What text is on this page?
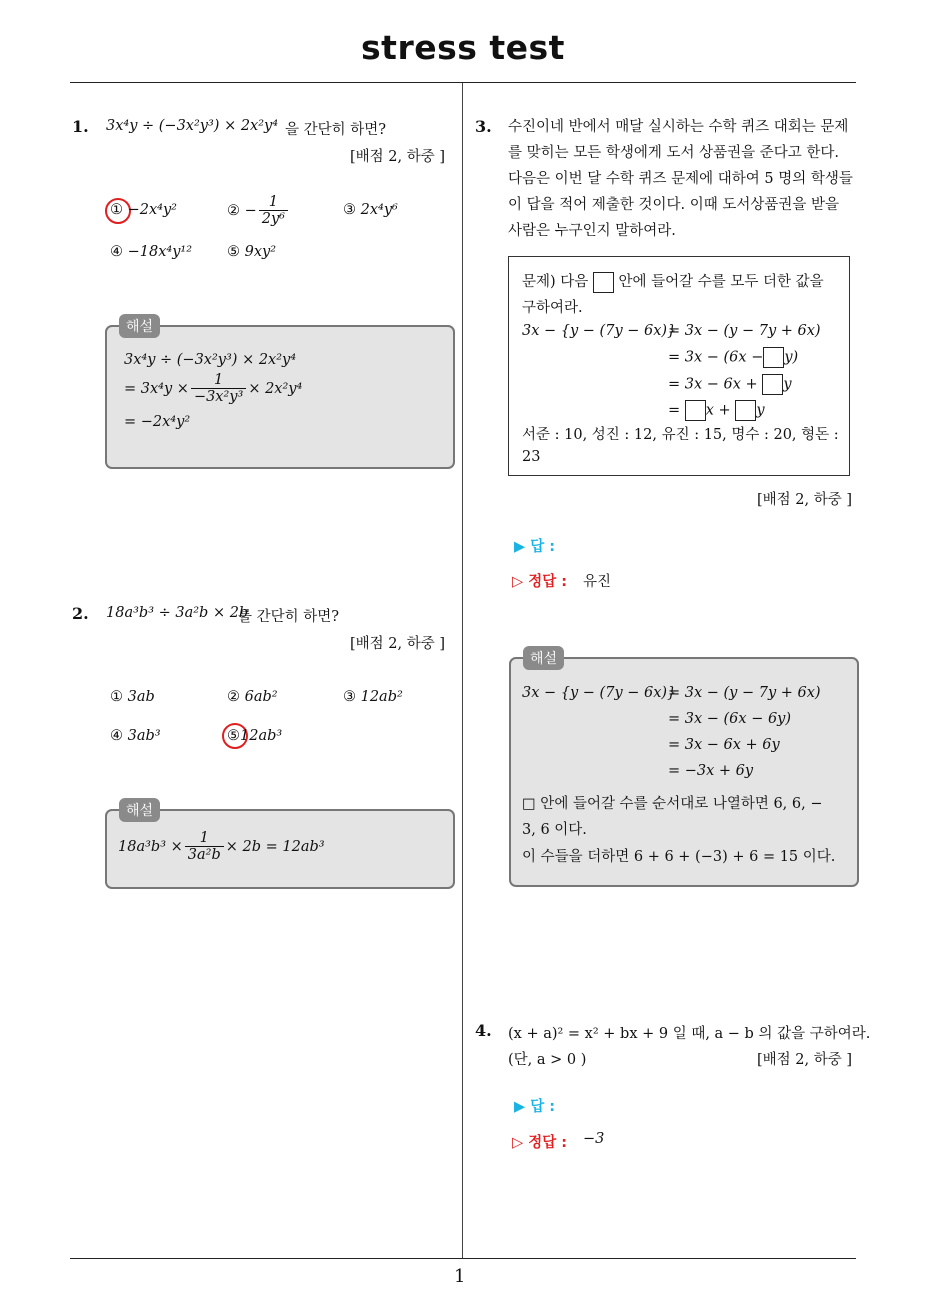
stress test
1
1. 3x⁴y ÷ (−3x²y³) × 2x²y⁴ 을 간단히 하면?
[배점 2, 하중 ]
① −2x⁴y²	② − $\frac{1}{\text{2y⁶}}$	③ 2x⁴y⁶
④ −18x⁴y¹² ⑤ 9xy²
해설
3x⁴y ÷ (−3x²y³) × 2x²y⁴
= $3x^4y \times \frac{1}{\text{−3x²y³}} \times 2x^2y^4$
= −2x⁴y²
2. 18a³b³ ÷ 3a²b × 2b
를 간단히 하면?
[배점 2, 하중 ]
① 3ab	② 6ab²	③ 12ab²
④ 3ab³	⑤12ab³
해설
$18a^3b^3 \times \frac{1}{\text{3a²b}} \times 2b = 12ab^3$
3. 수진이네 반에서 매달 실시하는 수학 퀴즈 대회는 문제
를 맞히는 모든 학생에게 도서 상품권을 준다고 한다.
다음은 이번 달 수학 퀴즈 문제에 대하여 5 명의 학생들
이 답을 적어 제출한 것이다. 이때 도서상품권을 받을
사람은 누구인지 말하여라.
문제) 다음 안에 들어갈 수를 모두 더한 값을
구하여라.
3x − {y − (7y − 6x)}
= 3x − (y − 7y + 6x)
= 3x − (6x − y)
= 3x − 6x + y
= x + y
서준 : 10, 성진 : 12, 유진 : 15, 명수 : 20, 형돈 :
23
[배점 2, 하중 ]
▶ 답 :
▷ 정답 : 유진
해설
3x − {y − (7y − 6x)}
= 3x − (y − 7y + 6x)
= 3x − (6x − 6y)
= 3x − 6x + 6y
= −3x + 6y
□ 안에 들어갈 수를 순서대로 나열하면 6, 6, −
3, 6 이다.
이 수들을 더하면 6 + 6 + (−3) + 6 = 15 이다.
4. (x + a)² = x² + bx + 9 일 때, a − b 의 값을 구하여라.
(단, a > 0 )	[배점 2, 하중 ]
▶ 답 :
▷ 정답 : −3
